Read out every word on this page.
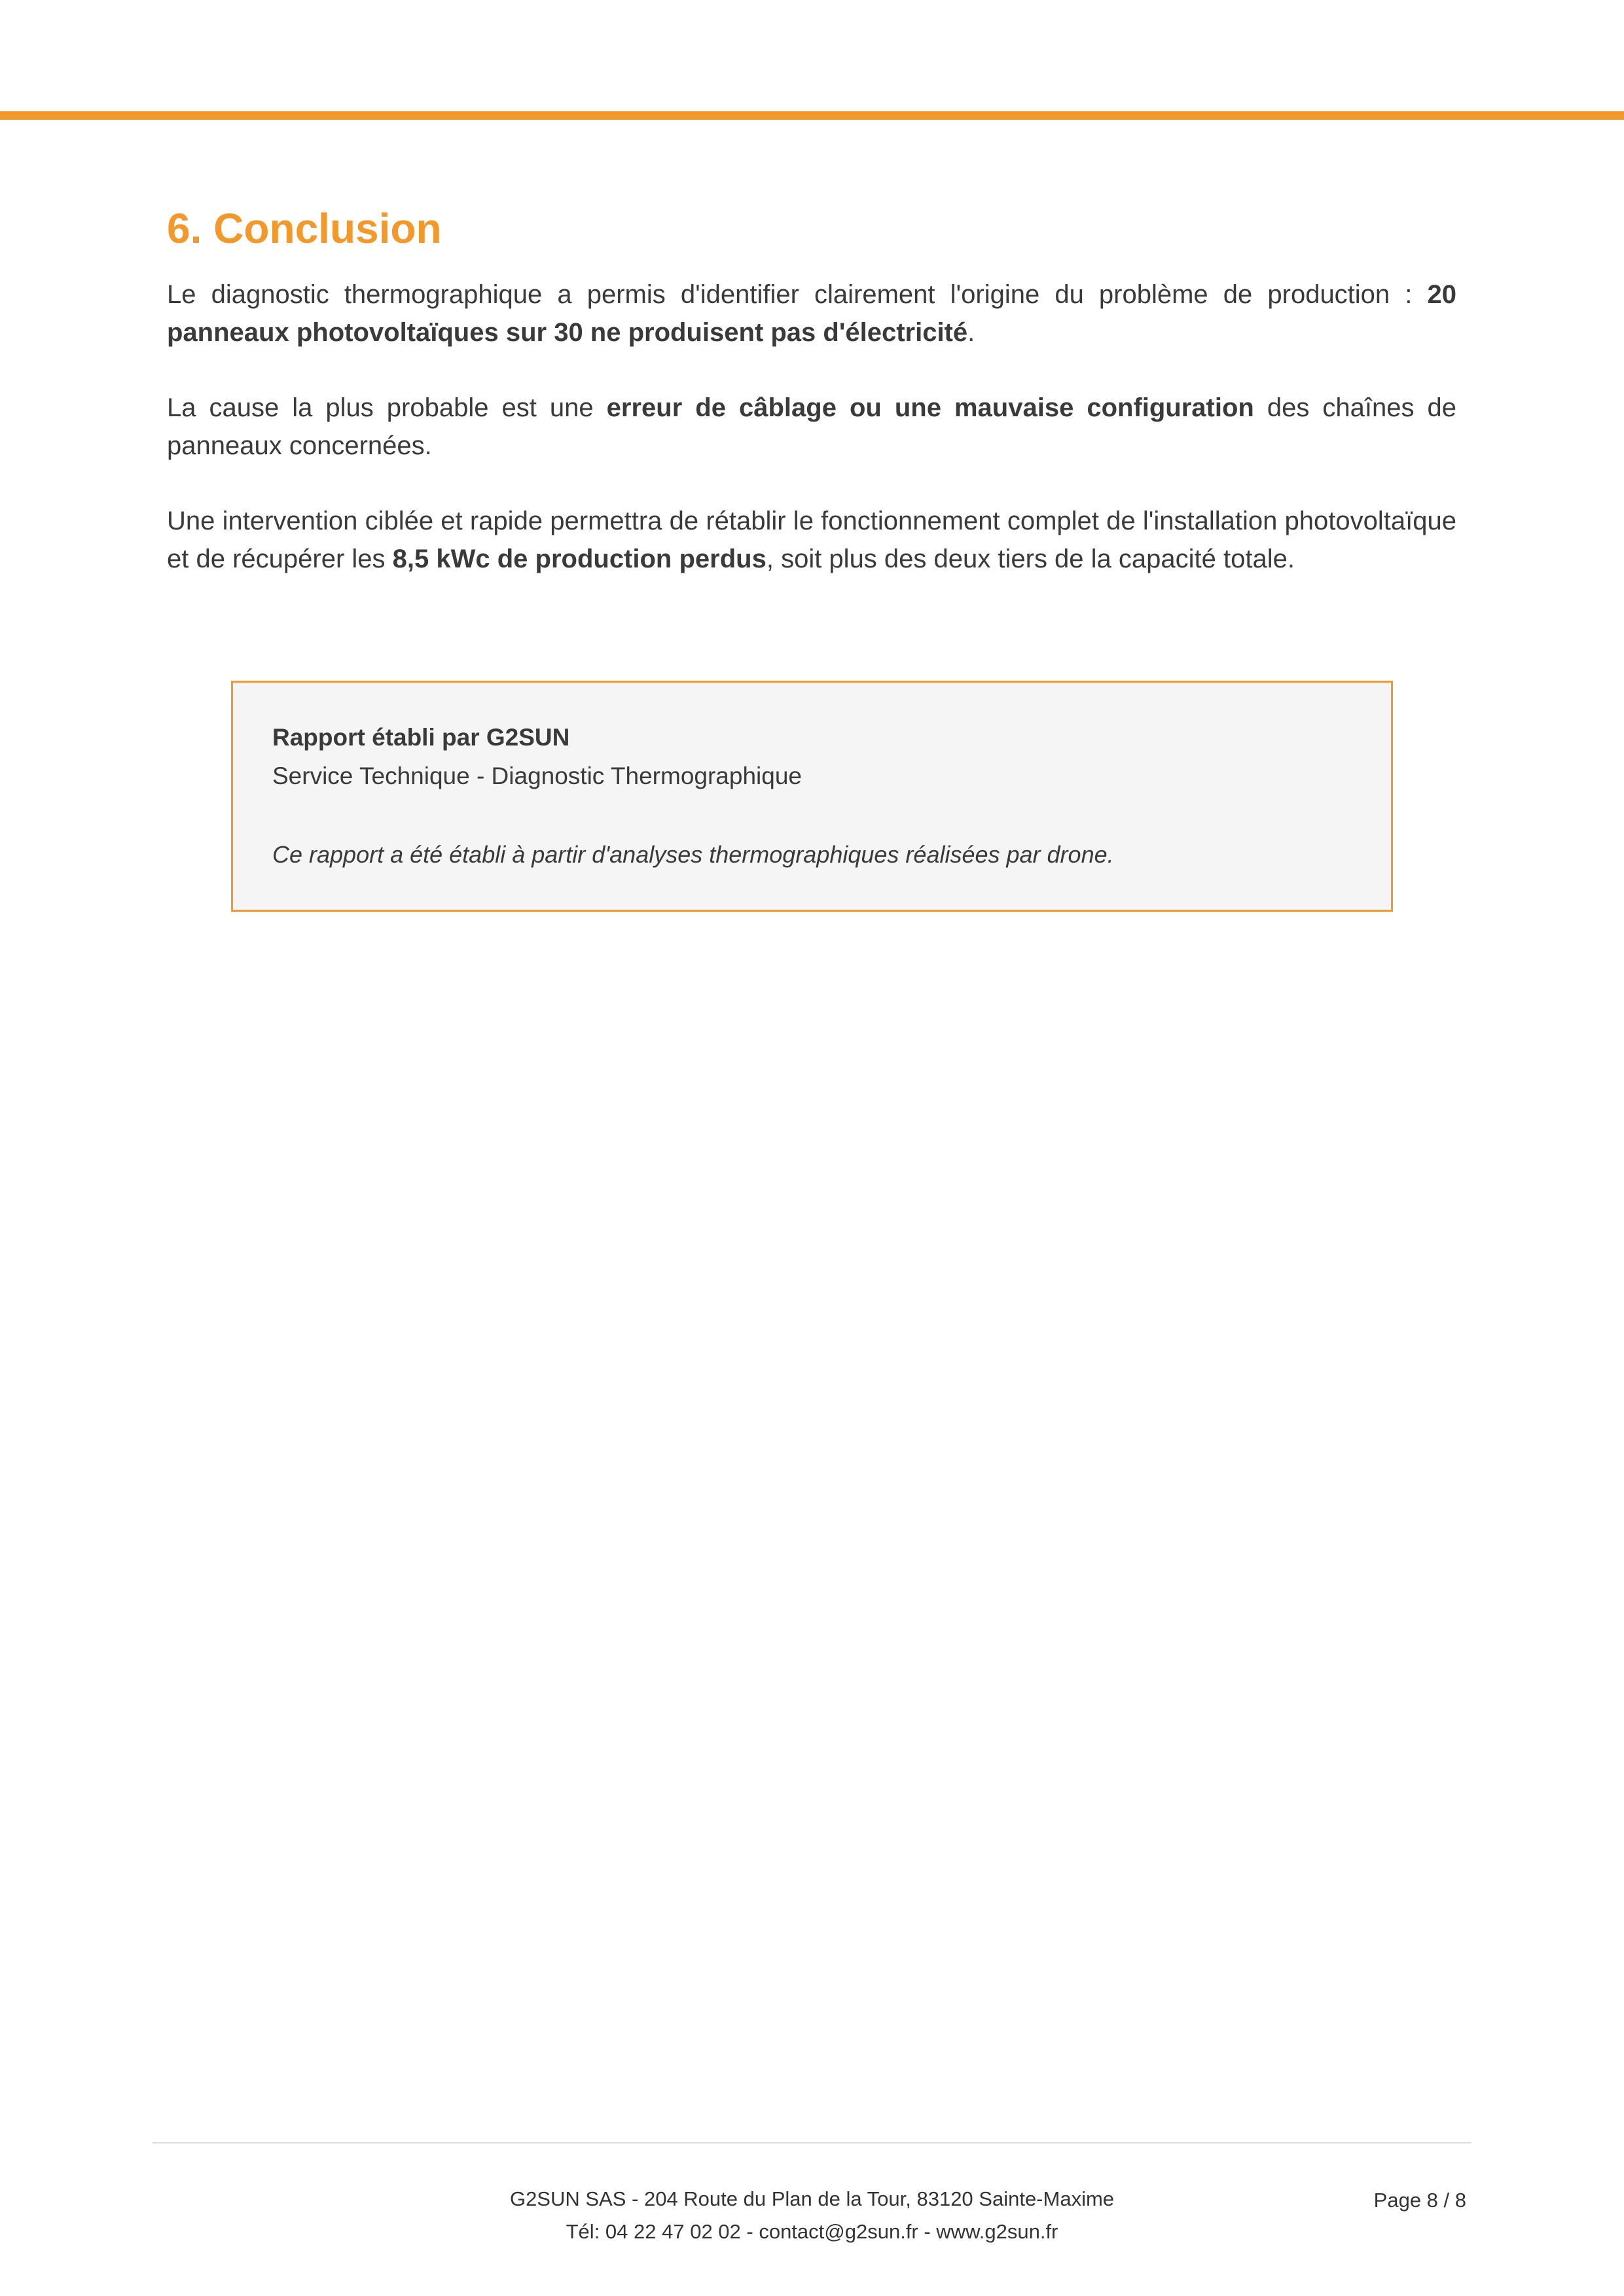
6. Conclusion

Le diagnostic thermographique a permis d'identifier clairement l'origine du problème de production : 20 panneaux photovoltaïques sur 30 ne produisent pas d'électricité.

La cause la plus probable est une erreur de câblage ou une mauvaise configuration des chaînes de panneaux concernées.

Une intervention ciblée et rapide permettra de rétablir le fonctionnement complet de l'installation photovoltaïque et de récupérer les 8,5 kWc de production perdus, soit plus des deux tiers de la capacité totale.

Rapport établi par G2SUN

Service Technique - Diagnostic Thermographique

Ce rapport a été établi à partir d'analyses thermographiques réalisées par drone.

G2SUN SAS - 204 Route du Plan de la Tour, 83120 Sainte-Maxime
Tél: 04 22 47 02 02 - contact@g2sun.fr - www.g2sun.fr
Page 8 / 8
